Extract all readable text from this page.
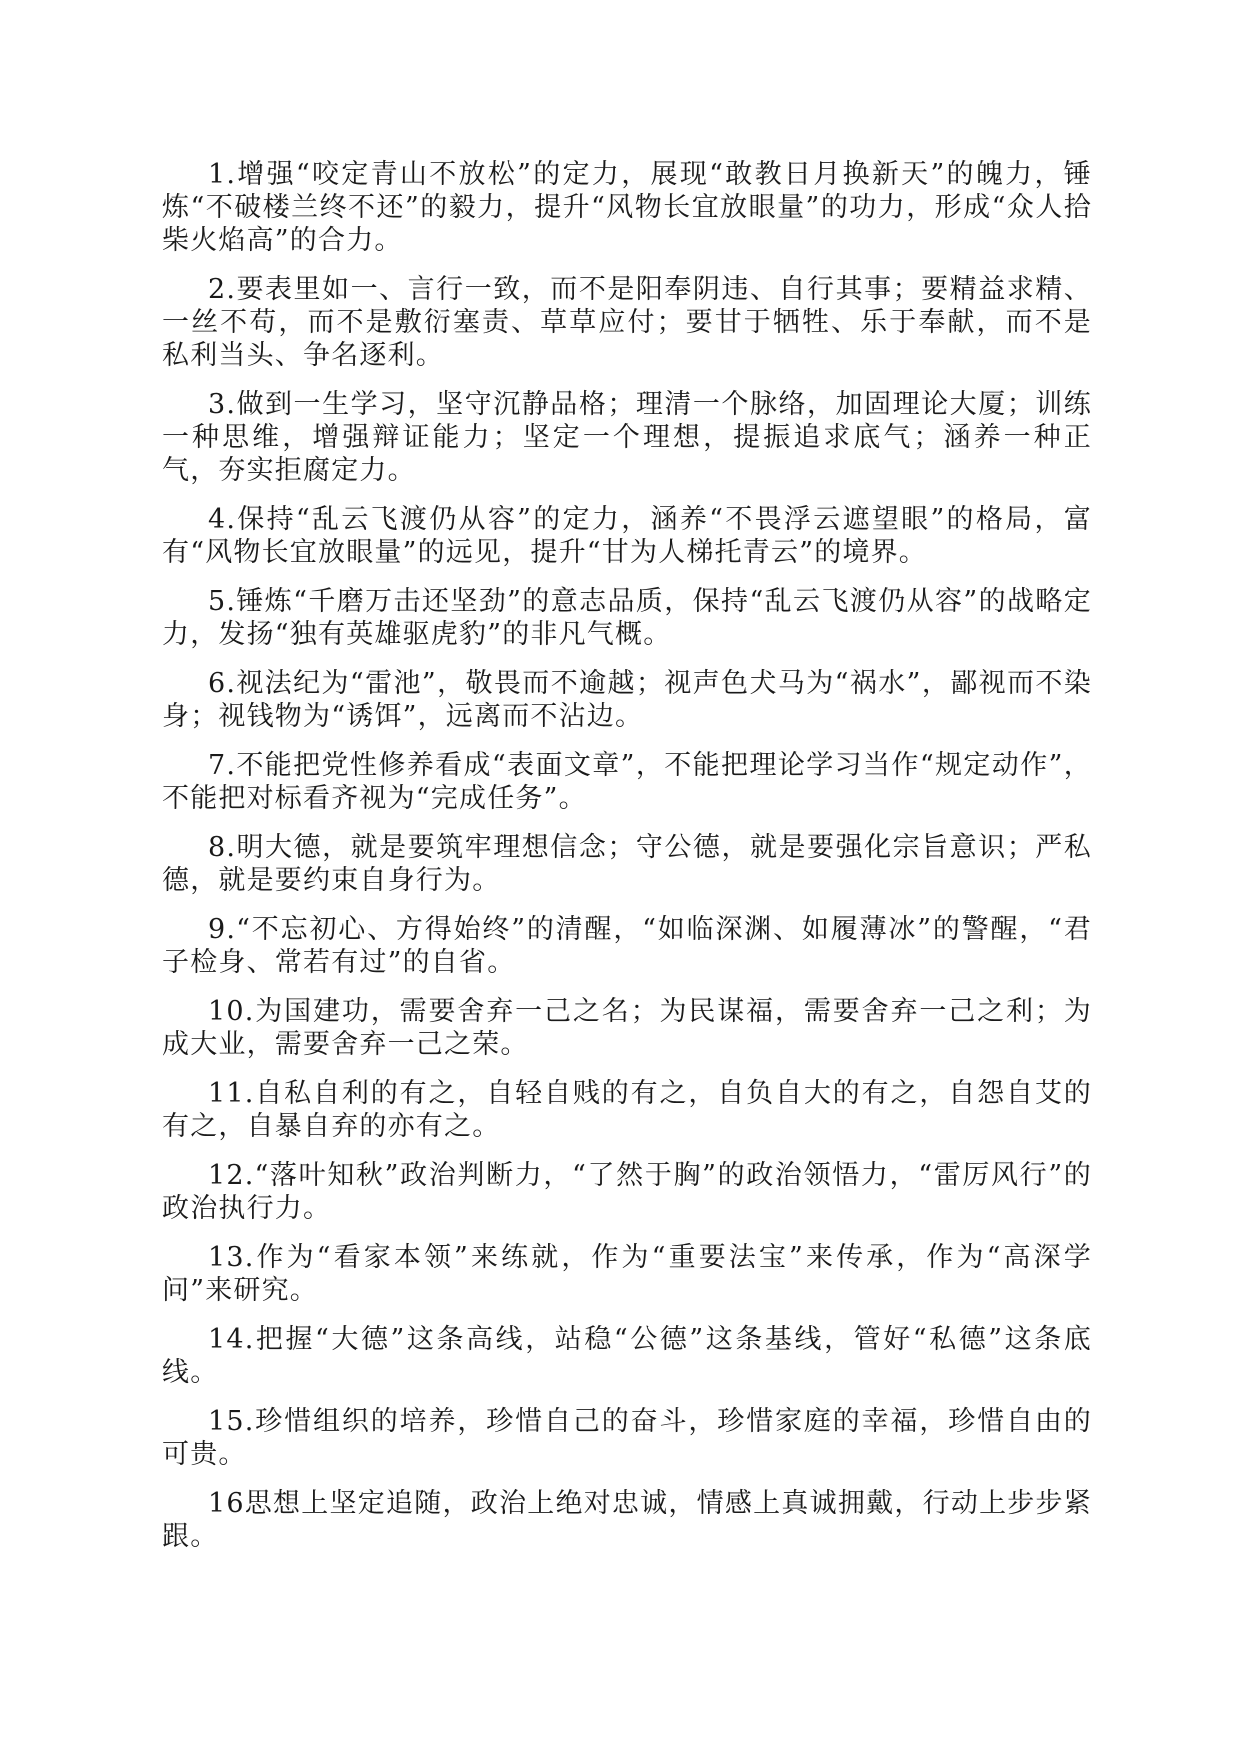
1.增强“咬定青山不放松”的定力，展现“敢教日月换新天”的魄力，锤炼“不破楼兰终不还”的毅力，提升“风物长宜放眼量”的功力，形成“众人拾柴火焰高”的合力。

2.要表里如一、言行一致，而不是阳奉阴违、自行其事；要精益求精、一丝不苟，而不是敷衍塞责、草草应付；要甘于牺牲、乐于奉献，而不是私利当头、争名逐利。

3.做到一生学习，坚守沉静品格；理清一个脉络，加固理论大厦；训练一种思维，增强辩证能力；坚定一个理想，提振追求底气；涵养一种正气，夯实拒腐定力。

4.保持“乱云飞渡仍从容”的定力，涵养“不畏浮云遮望眼”的格局，富有“风物长宜放眼量”的远见，提升“甘为人梯托青云”的境界。

5.锤炼“千磨万击还坚劲”的意志品质，保持“乱云飞渡仍从容”的战略定力，发扬“独有英雄驱虎豹”的非凡气概。

6.视法纪为“雷池”，敬畏而不逾越；视声色犬马为“祸水”，鄙视而不染身；视钱物为“诱饵”，远离而不沾边。

7.不能把党性修养看成“表面文章”，不能把理论学习当作“规定动作”，不能把对标看齐视为“完成任务”。

8.明大德，就是要筑牢理想信念；守公德，就是要强化宗旨意识；严私德，就是要约束自身行为。

9.“不忘初心、方得始终”的清醒，“如临深渊、如履薄冰”的警醒，“君子检身、常若有过”的自省。

10.为国建功，需要舍弃一己之名；为民谋福，需要舍弃一己之利；为成大业，需要舍弃一己之荣。

11.自私自利的有之，自轻自贱的有之，自负自大的有之，自怨自艾的有之，自暴自弃的亦有之。

12.“落叶知秋”政治判断力，“了然于胸”的政治领悟力，“雷厉风行”的政治执行力。

13.作为“看家本领”来练就，作为“重要法宝”来传承，作为“高深学问”来研究。

14.把握“大德”这条高线，站稳“公德”这条基线，管好“私德”这条底线。

15.珍惜组织的培养，珍惜自己的奋斗，珍惜家庭的幸福，珍惜自由的可贵。

16思想上坚定追随，政治上绝对忠诚，情感上真诚拥戴，行动上步步紧跟。
